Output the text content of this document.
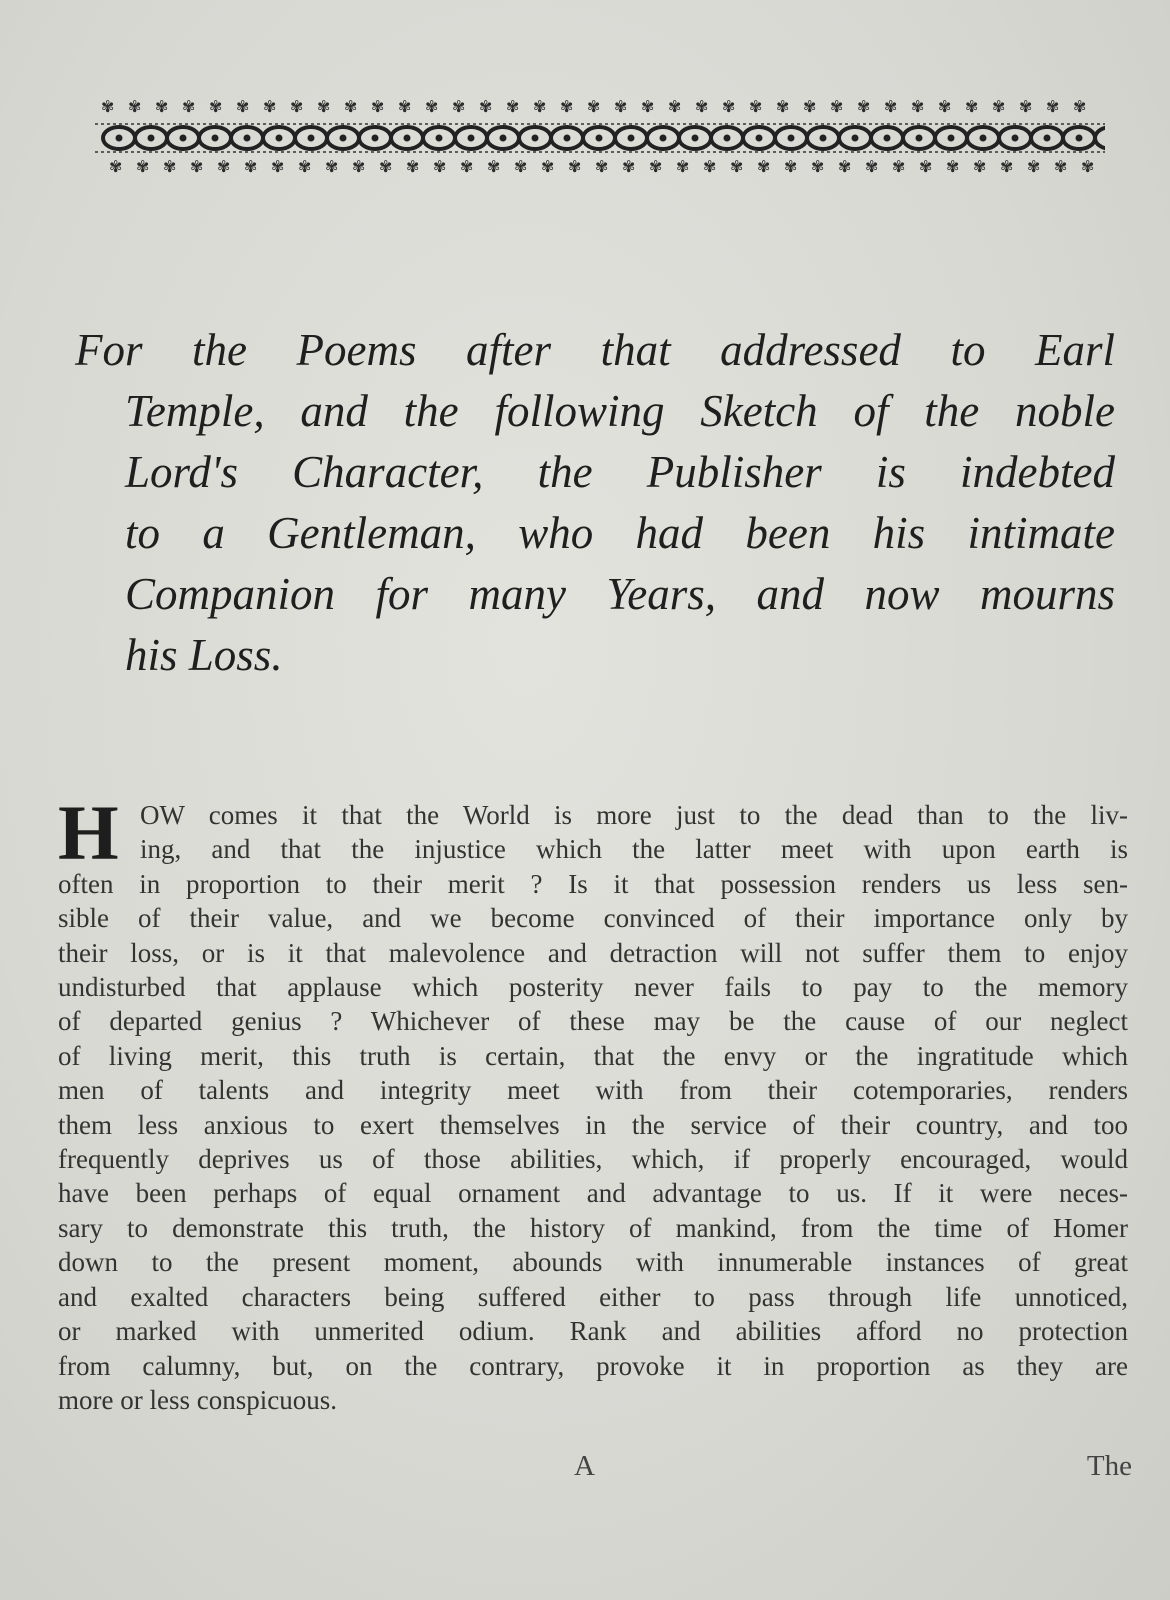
✾
✾
✾
✾
✾
✾
✾
✾
✾
✾
✾
✾
✾
✾
✾
✾
✾
✾
✾
✾
✾
✾
✾
✾
✾
✾
✾
✾
✾
✾
✾
✾
✾
✾
✾
✾
✾
✾
✾
✾
✾
✾
✾
✾
✾
✾
✾
✾
✾
✾
✾
✾
✾
✾
✾
✾
✾
✾
✾
✾
✾
✾
✾
✾
✾
✾
✾
✾
✾
✾
✾
✾
✾
✾
For the Poems after that addressed to Earl
Temple, and the following Sketch of the noble
Lord's Character, the Publisher is indebted
to a Gentleman, who had been his intimate
Companion for many Years, and now mourns
his Loss.
H OW comes it that the World is more just to the dead than to the liv-
ing, and that the injustice which the latter meet with upon earth is
often in proportion to their merit ? Is it that possession renders us less sen-
sible of their value, and we become convinced of their importance only by
their loss, or is it that malevolence and detraction will not suffer them to enjoy
undisturbed that applause which posterity never fails to pay to the memory
of departed genius ? Whichever of these may be the cause of our neglect
of living merit, this truth is certain, that the envy or the ingratitude which
men of talents and integrity meet with from their cotemporaries, renders
them less anxious to exert themselves in the service of their country, and too
frequently deprives us of those abilities, which, if properly encouraged, would
have been perhaps of equal ornament and advantage to us. If it were neces-
sary to demonstrate this truth, the history of mankind, from the time of Homer
down to the present moment, abounds with innumerable instances of great
and exalted characters being suffered either to pass through life unnoticed,
or marked with unmerited odium. Rank and abilities afford no protection
from calumny, but, on the contrary, provoke it in proportion as they are
more or less conspicuous.
A	The
